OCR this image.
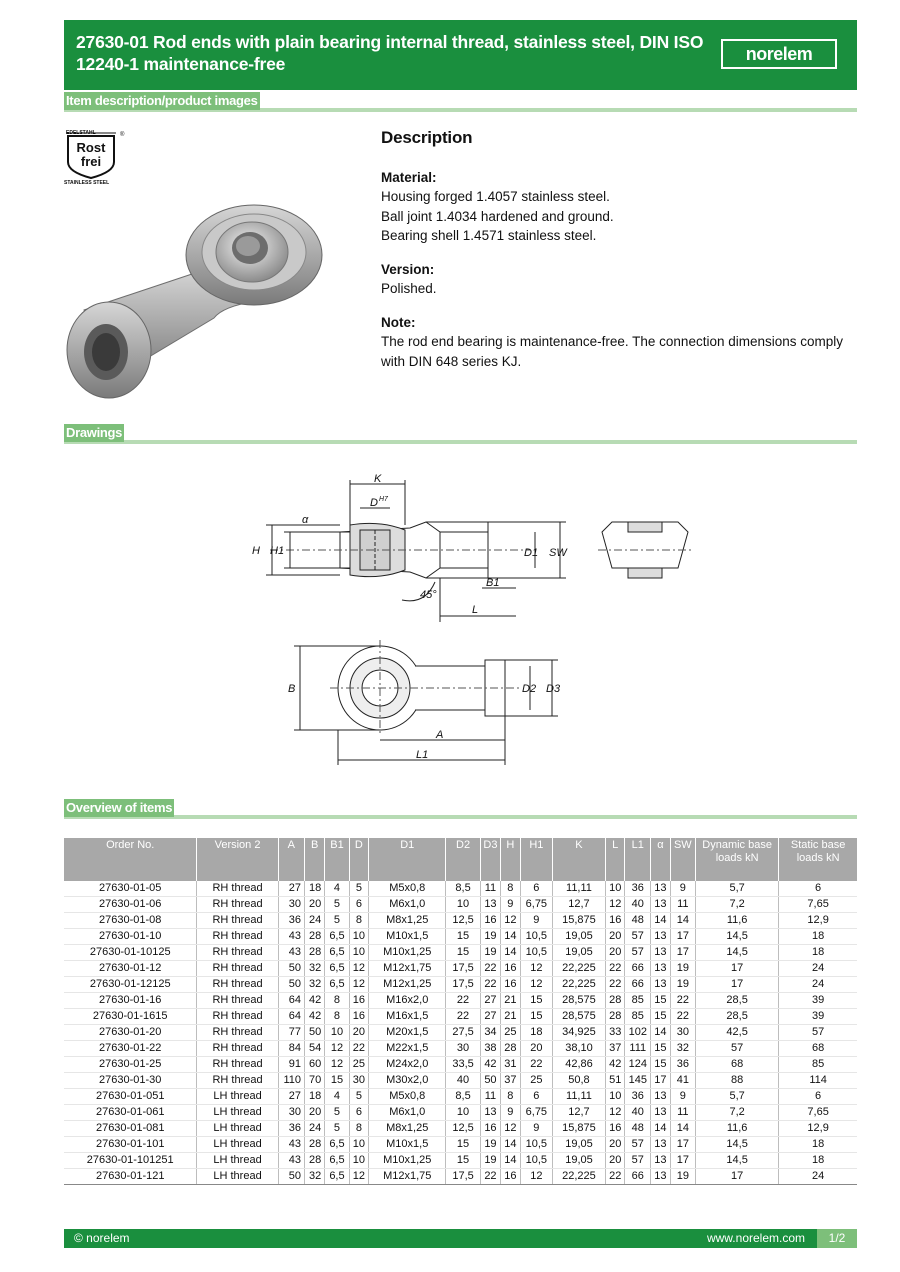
27630-01 Rod ends with plain bearing internal thread, stainless steel, DIN ISO 12240-1 maintenance-free	norelem
Item description/product images
EDELSTAHL	®
Rost
frei
STAINLESS STEEL
Description
Material:

Housing forged 1.4057 stainless steel.

Ball joint 1.4034 hardened and ground.

Bearing shell 1.4571 stainless steel.

Version:

Polished.

Note:

The rod end bearing is maintenance-free. The connection dimensions comply with DIN 648 series KJ.

Drawings
K
D H7
α
H H1	D1 SW
B1
45°
L
B	D2 D3
A
L1
Overview of items
Order No.	Version 2	A	B	B1	D	D1	D2	D3	H	H1	K	L	L1	α	SW	Dynamic base loads kN	Static base loads kN
27630-01-05	RH thread	27	18	4	5	M5x0,8	8,5	11	8	6	11,11	10	36	13	9	5,7	6
27630-01-06	RH thread	30	20	5	6	M6x1,0	10	13	9	6,75	12,7	12	40	13	11	7,2	7,65
27630-01-08	RH thread	36	24	5	8	M8x1,25	12,5	16	12	9	15,875	16	48	14	14	11,6	12,9
27630-01-10	RH thread	43	28	6,5	10	M10x1,5	15	19	14	10,5	19,05	20	57	13	17	14,5	18
27630-01-10125	RH thread	43	28	6,5	10	M10x1,25	15	19	14	10,5	19,05	20	57	13	17	14,5	18
27630-01-12	RH thread	50	32	6,5	12	M12x1,75	17,5	22	16	12	22,225	22	66	13	19	17	24
27630-01-12125	RH thread	50	32	6,5	12	M12x1,25	17,5	22	16	12	22,225	22	66	13	19	17	24
27630-01-16	RH thread	64	42	8	16	M16x2,0	22	27	21	15	28,575	28	85	15	22	28,5	39
27630-01-1615	RH thread	64	42	8	16	M16x1,5	22	27	21	15	28,575	28	85	15	22	28,5	39
27630-01-20	RH thread	77	50	10	20	M20x1,5	27,5	34	25	18	34,925	33	102	14	30	42,5	57
27630-01-22	RH thread	84	54	12	22	M22x1,5	30	38	28	20	38,10	37	111	15	32	57	68
27630-01-25	RH thread	91	60	12	25	M24x2,0	33,5	42	31	22	42,86	42	124	15	36	68	85
27630-01-30	RH thread	110	70	15	30	M30x2,0	40	50	37	25	50,8	51	145	17	41	88	114
27630-01-051	LH thread	27	18	4	5	M5x0,8	8,5	11	8	6	11,11	10	36	13	9	5,7	6
27630-01-061	LH thread	30	20	5	6	M6x1,0	10	13	9	6,75	12,7	12	40	13	11	7,2	7,65
27630-01-081	LH thread	36	24	5	8	M8x1,25	12,5	16	12	9	15,875	16	48	14	14	11,6	12,9
27630-01-101	LH thread	43	28	6,5	10	M10x1,5	15	19	14	10,5	19,05	20	57	13	17	14,5	18
27630-01-101251	LH thread	43	28	6,5	10	M10x1,25	15	19	14	10,5	19,05	20	57	13	17	14,5	18
27630-01-121	LH thread	50	32	6,5	12	M12x1,75	17,5	22	16	12	22,225	22	66	13	19	17	24
© norelem	www.norelem.com	1/2
